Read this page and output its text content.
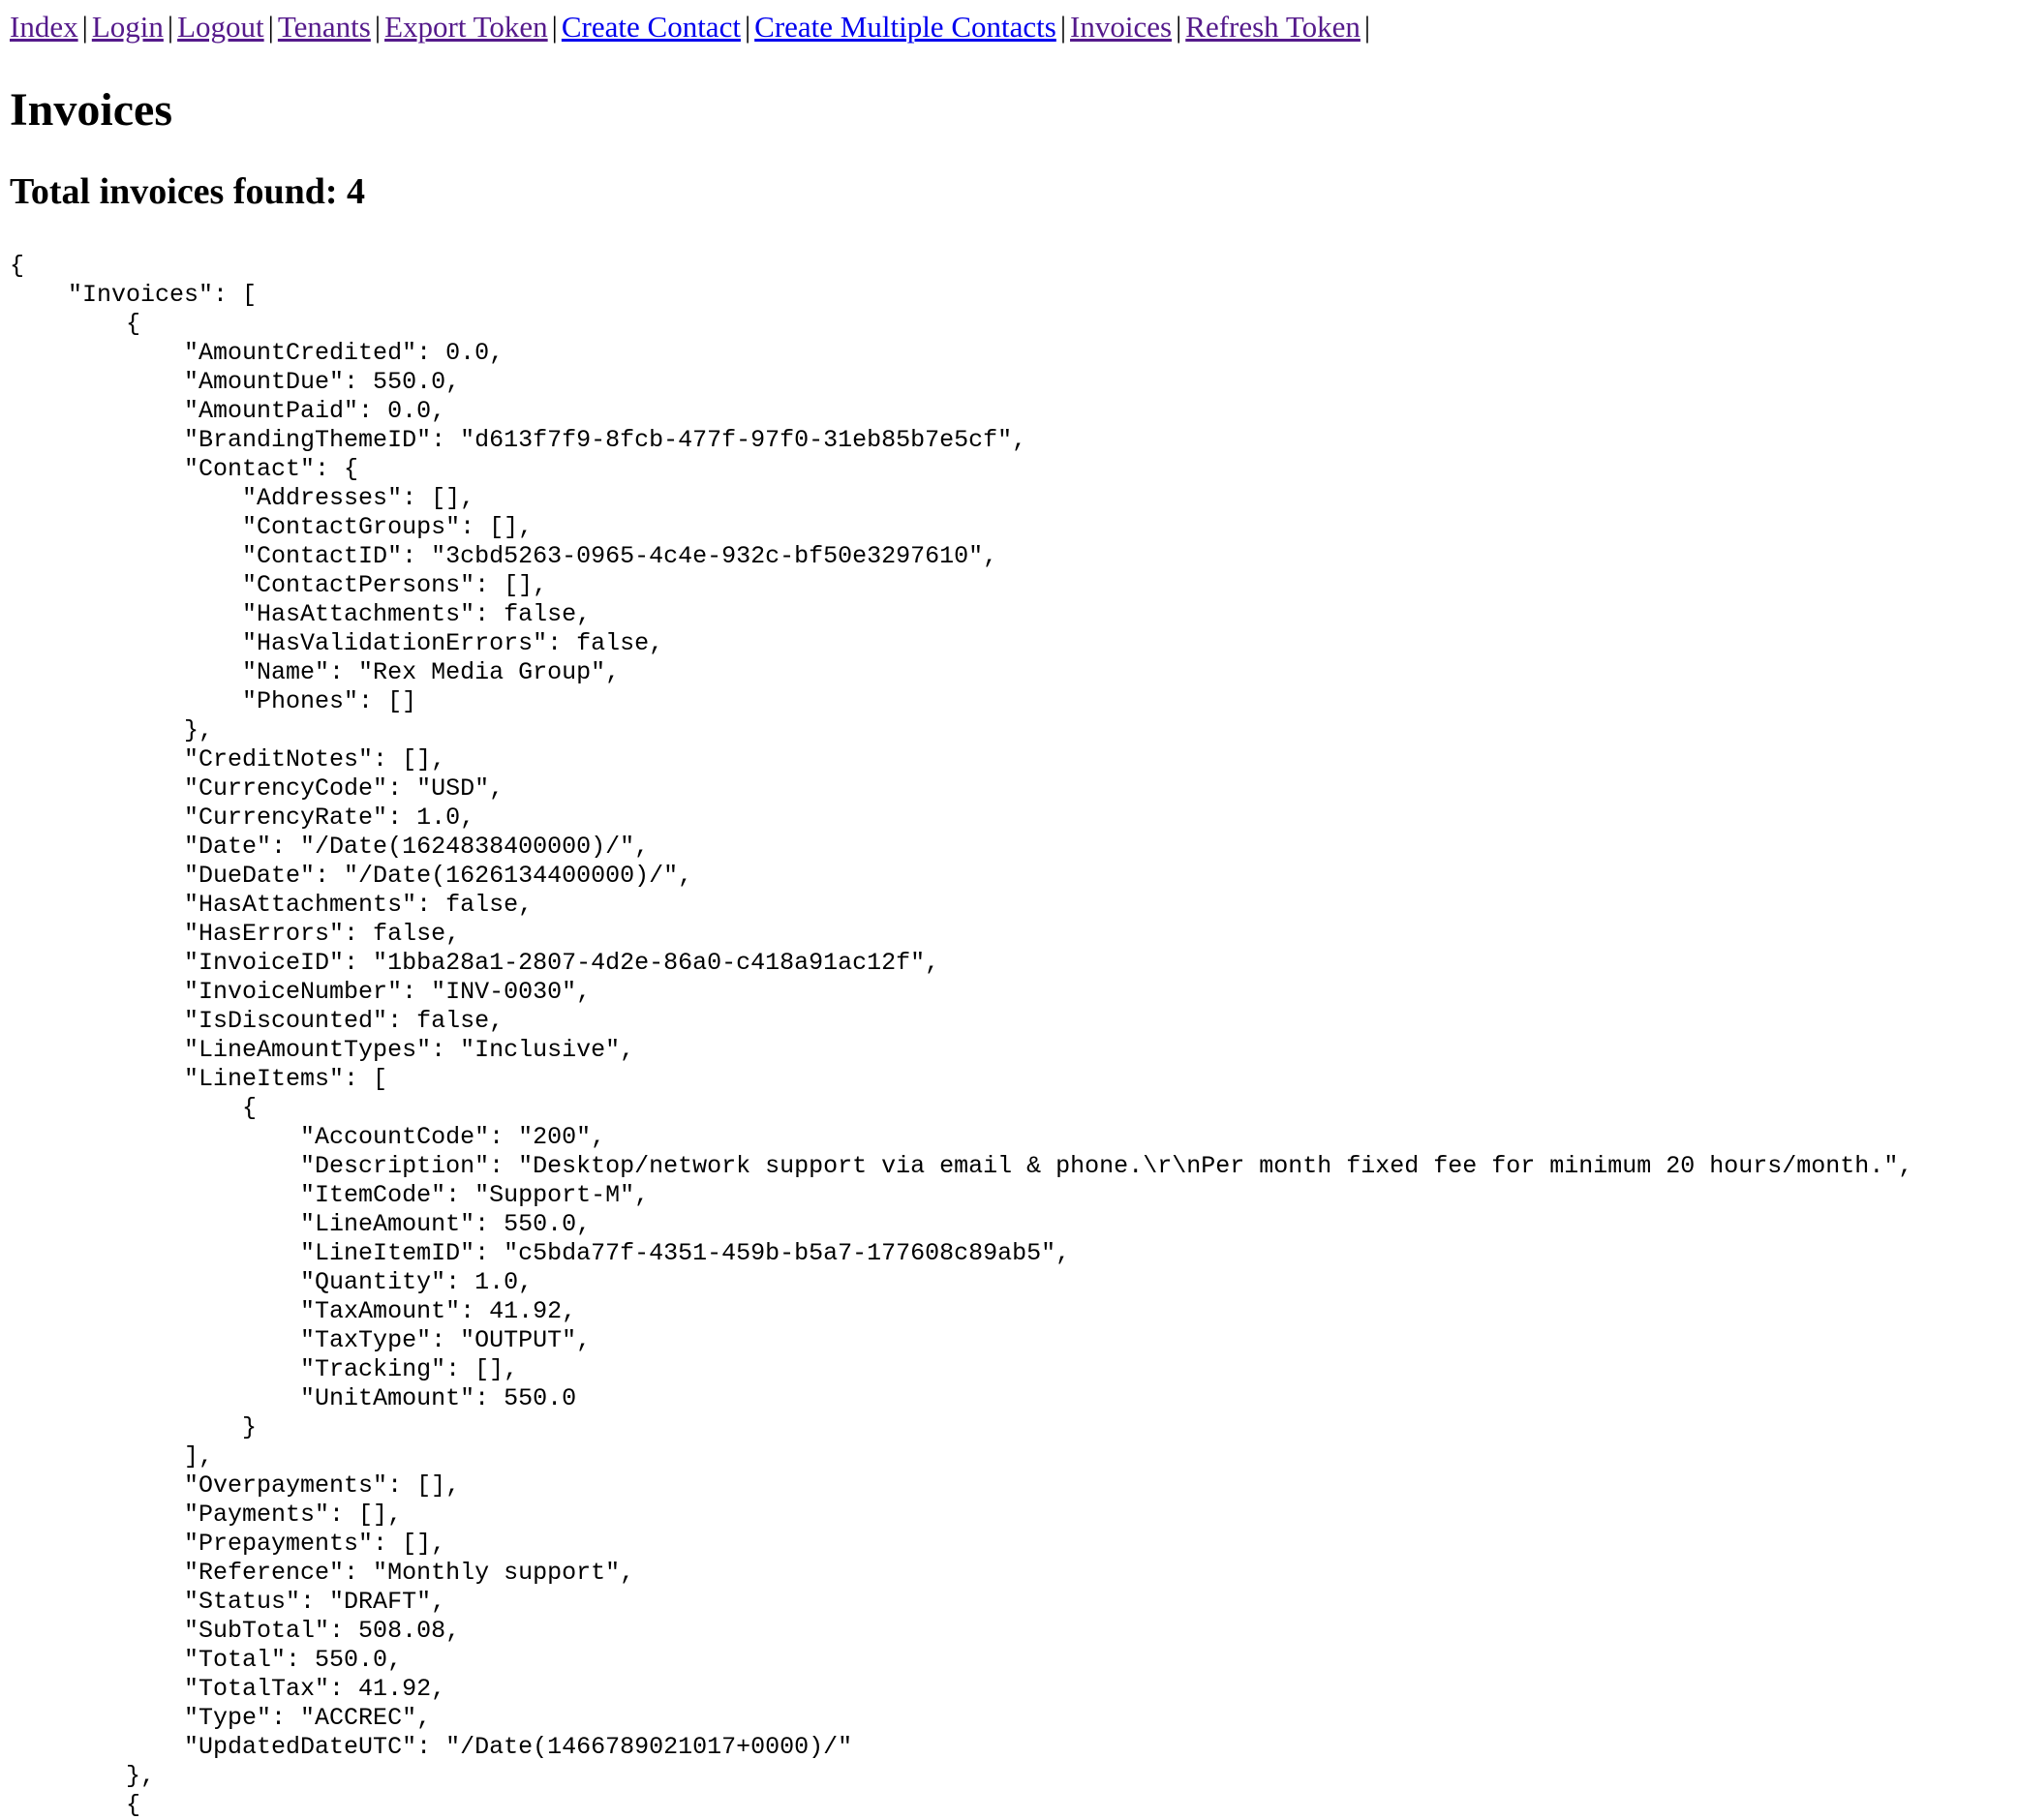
Index | Login | Logout | Tenants | Export Token | Create Contact | Create Multiple Contacts | Invoices | Refresh Token |
Invoices
Total invoices found: 4
{
"Invoices": [
{
"AmountCredited": 0.0,
"AmountDue": 550.0,
"AmountPaid": 0.0,
"BrandingThemeID": "d613f7f9-8fcb-477f-97f0-31eb85b7e5cf",
"Contact": {
"Addresses": [],
"ContactGroups": [],
"ContactID": "3cbd5263-0965-4c4e-932c-bf50e3297610",
"ContactPersons": [],
"HasAttachments": false,
"HasValidationErrors": false,
"Name": "Rex Media Group",
"Phones": []
},
"CreditNotes": [],
"CurrencyCode": "USD",
"CurrencyRate": 1.0,
"Date": "/Date(1624838400000)/",
"DueDate": "/Date(1626134400000)/",
"HasAttachments": false,
"HasErrors": false,
"InvoiceID": "1bba28a1-2807-4d2e-86a0-c418a91ac12f",
"InvoiceNumber": "INV-0030",
"IsDiscounted": false,
"LineAmountTypes": "Inclusive",
"LineItems": [
{
"AccountCode": "200",
"Description": "Desktop/network support via email & phone.\r\nPer month fixed fee for minimum 20 hours/month.",
"ItemCode": "Support-M",
"LineAmount": 550.0,
"LineItemID": "c5bda77f-4351-459b-b5a7-177608c89ab5",
"Quantity": 1.0,
"TaxAmount": 41.92,
"TaxType": "OUTPUT",
"Tracking": [],
"UnitAmount": 550.0
}
],
"Overpayments": [],
"Payments": [],
"Prepayments": [],
"Reference": "Monthly support",
"Status": "DRAFT",
"SubTotal": 508.08,
"Total": 550.0,
"TotalTax": 41.92,
"Type": "ACCREC",
"UpdatedDateUTC": "/Date(1466789021017+0000)/"
},
{
